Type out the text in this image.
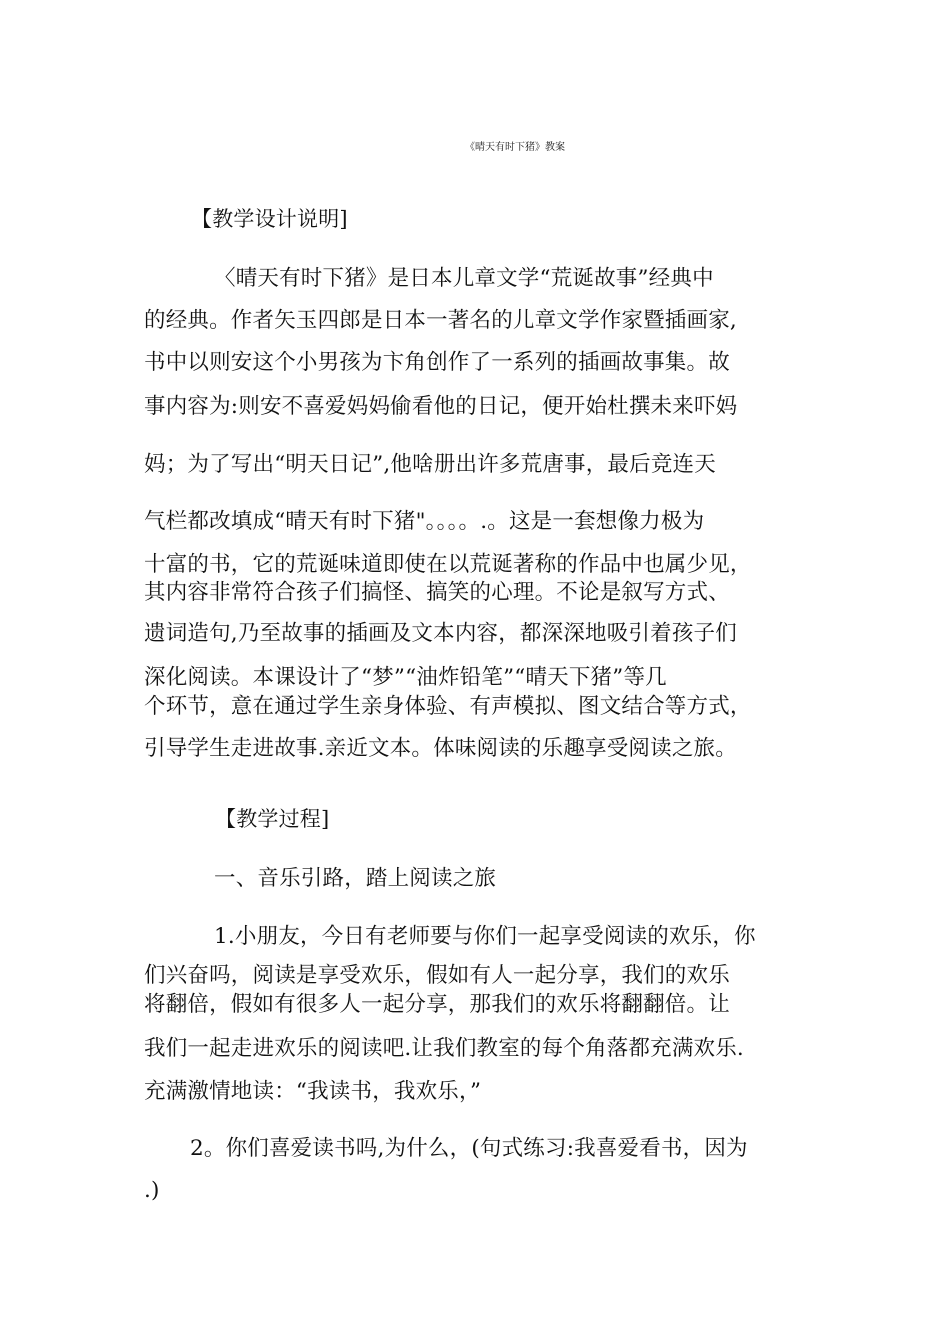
《晴天有时下猪》教案
【教学设计说明]
〈晴天有时下猪》是日本儿章文学“荒诞故事”经典中
的经典。作者矢玉四郎是日本一著名的儿章文学作家暨插画家,
书中以则安这个小男孩为卞角创作了一系列的插画故事集。故
事内容为:则安不喜爱妈妈偷看他的日记，便开始杜撰未来吓妈
妈；为了写出“明天日记”,他啥册出许多荒唐事，最后竞连天
气栏都改填成“晴天有时下猪"。。。。.。这是一套想像力极为
十富的书，它的荒诞味道即使在以荒诞著称的作品中也属少见，
其内容非常符合孩子们搞怪、搞笑的心理。不论是叙写方式、
遗词造句,乃至故事的插画及文本内容，都深深地吸引着孩子们
深化阅读。本课设计了“梦”“油炸铅笔”“晴天下猪”等几
个环节，意在通过学生亲身体验、有声模拟、图文结合等方式，
引导学生走进故事.亲近文本。体味阅读的乐趣享受阅读之旅。
【教学过程]
一、音乐引路，踏上阅读之旅
1.小朋友，今日有老师要与你们一起享受阅读的欢乐，你
们兴奋吗，阅读是享受欢乐，假如有人一起分享，我们的欢乐
将翻倍，假如有很多人一起分享，那我们的欢乐将翻翻倍。让
我们一起走进欢乐的阅读吧.让我们教室的每个角落都充满欢乐.
充满激情地读：“我读书，我欢乐，”
2。你们喜爱读书吗,为什么，(句式练习:我喜爱看书，因为
.)
